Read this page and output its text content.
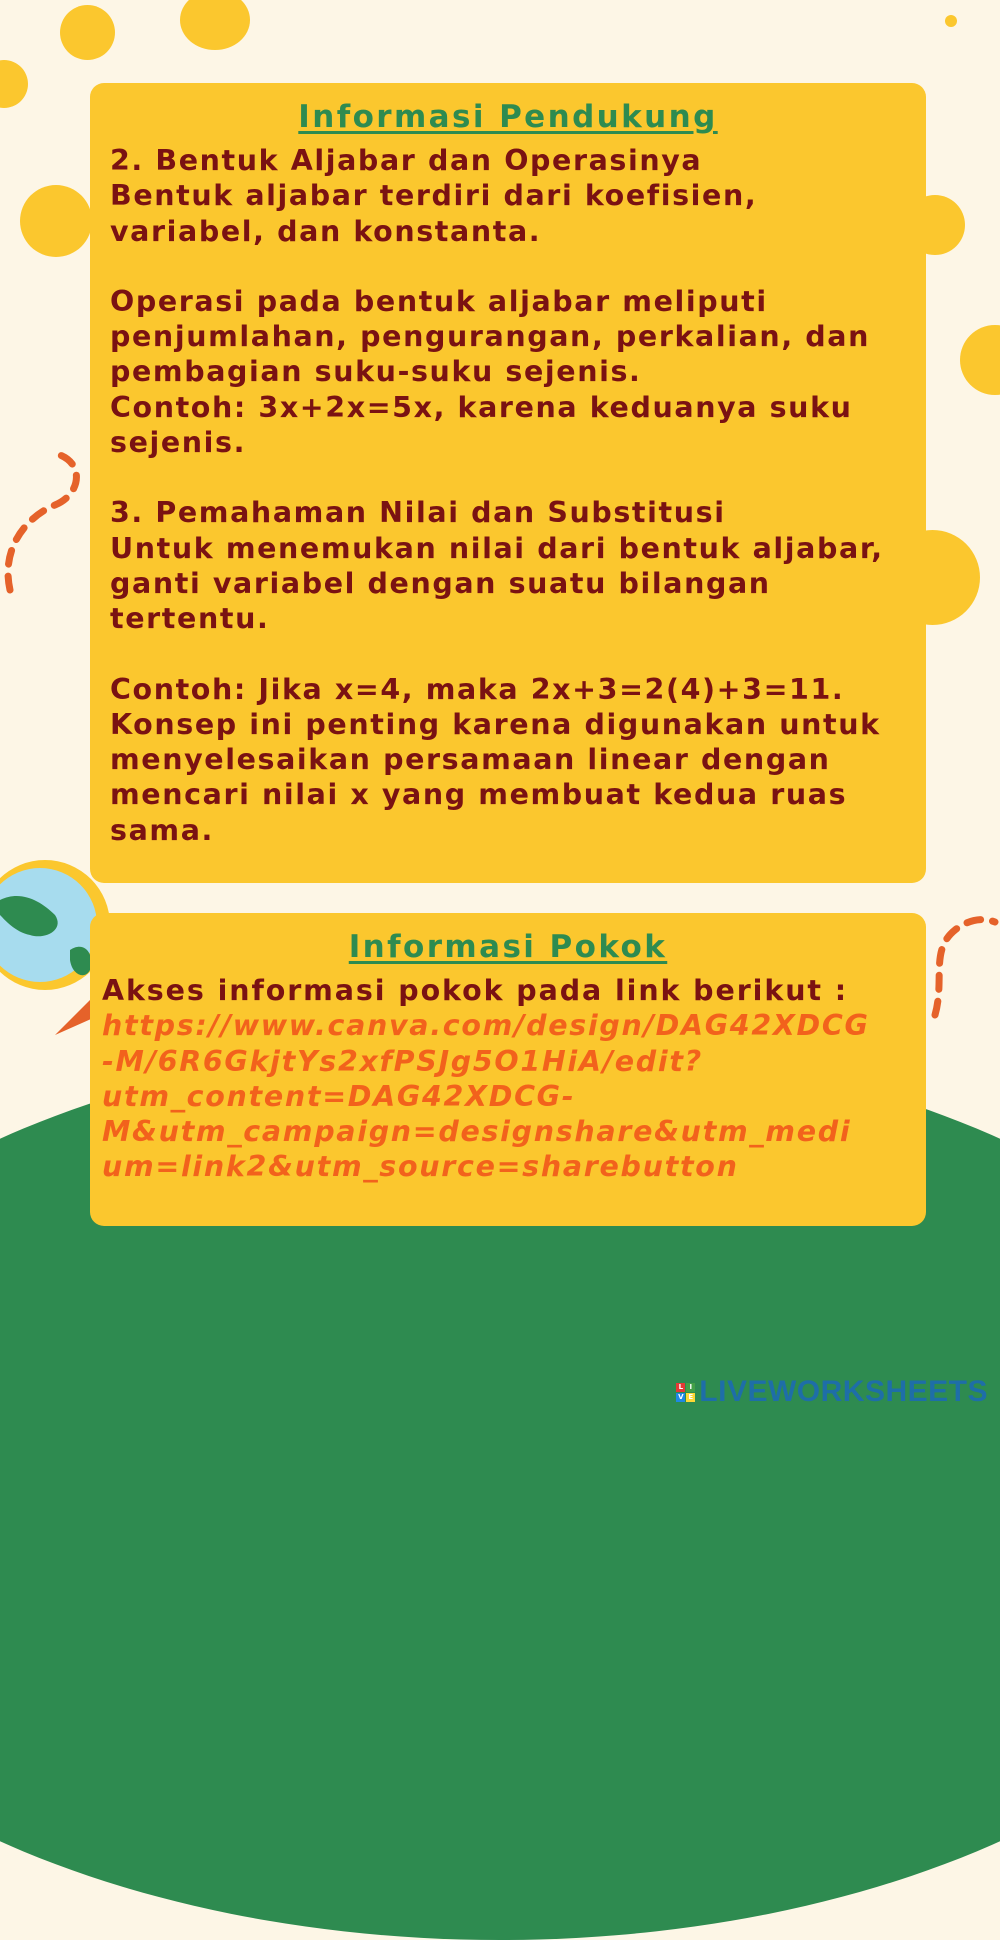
Informasi Pendukung

2. Bentuk Aljabar dan Operasinya

Bentuk aljabar terdiri dari koefisien,

variabel, dan konstanta.

Operasi pada bentuk aljabar meliputi

penjumlahan, pengurangan, perkalian, dan

pembagian suku-suku sejenis.

Contoh: 3x+2x=5x, karena keduanya suku

sejenis.

3. Pemahaman Nilai dan Substitusi

Untuk menemukan nilai dari bentuk aljabar,

ganti variabel dengan suatu bilangan

tertentu.

Contoh: Jika x=4, maka 2x+3=2(4)+3=11.

Konsep ini penting karena digunakan untuk

menyelesaikan persamaan linear dengan

mencari nilai x yang membuat kedua ruas

sama.

Informasi Pokok

Akses informasi pokok pada link berikut :

https://www.canva.com/design/DAG42XDCG

-M/6R6GkjtYs2xfPSJg5O1HiA/edit?

utm_content=DAG42XDCG-

M&utm_campaign=designshare&utm_medi

um=link2&utm_source=sharebutton

L I
V E LIVEWORKSHEETS
